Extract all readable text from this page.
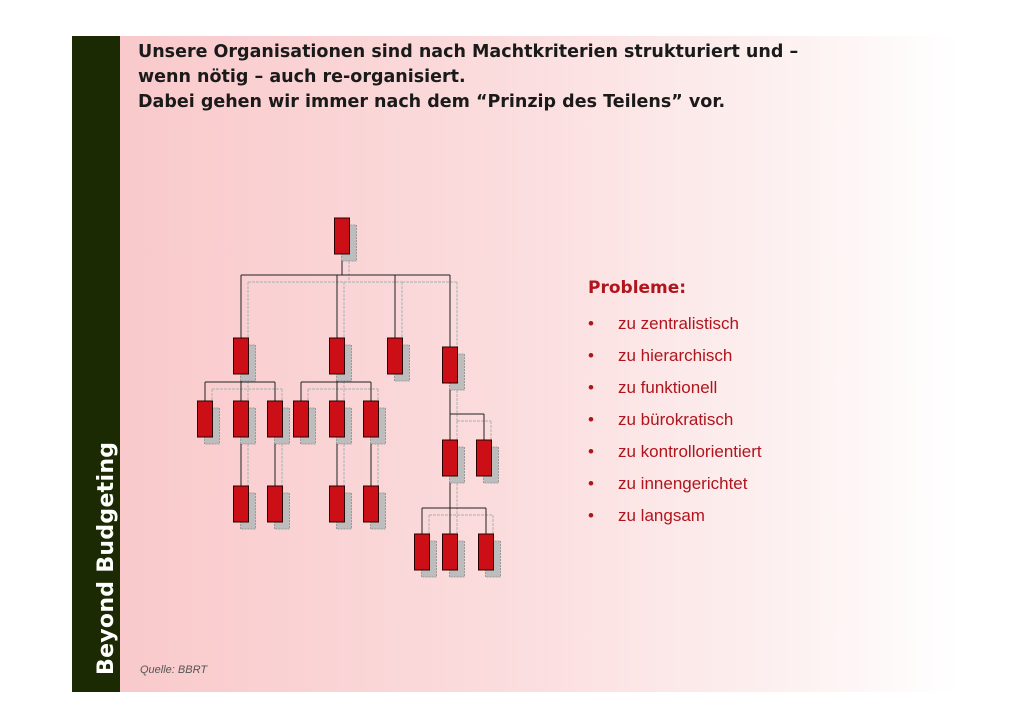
Beyond Budgeting
Unsere Organisationen sind nach Machtkriterien strukturiert und –
wenn nötig – auch re-organisiert.
Dabei gehen wir immer nach dem “Prinzip des Teilens” vor.

Probleme:

• zu zentralistisch
• zu hierarchisch
• zu funktionell
• zu bürokratisch
• zu kontrollorientiert
• zu innengerichtet
• zu langsam
Quelle: BBRT
